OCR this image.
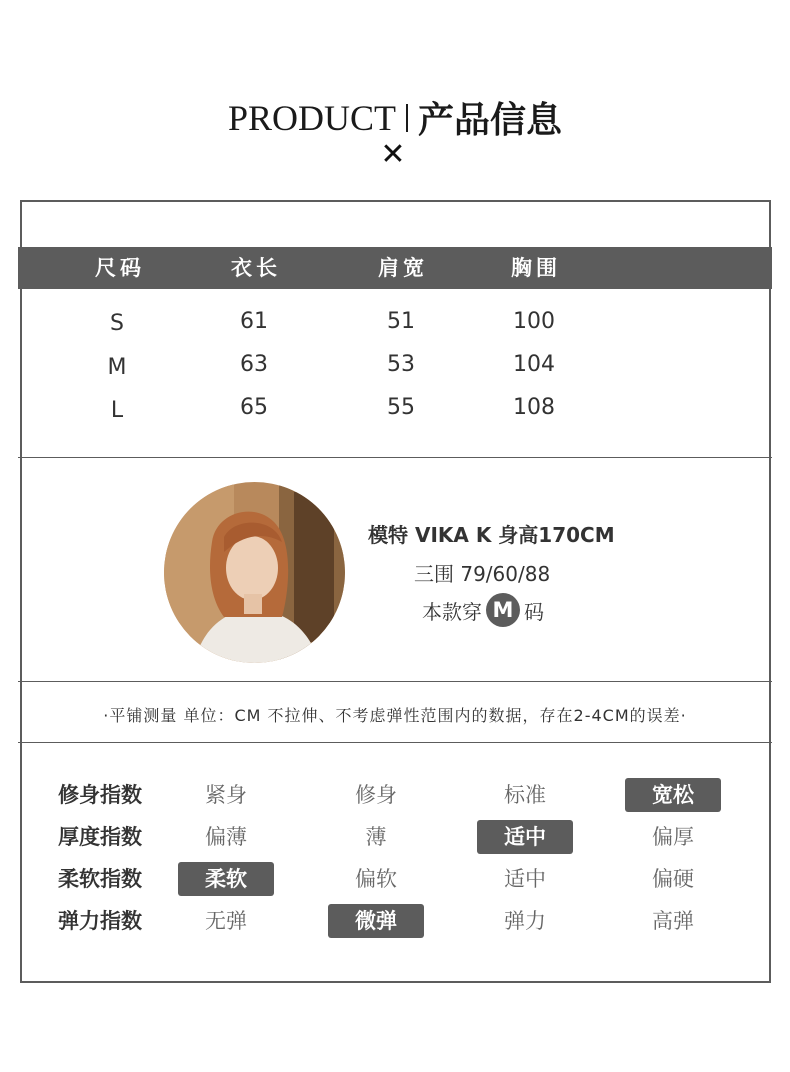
PRODUCT 产品信息
✕
尺码	衣长	肩宽	胸围
S	61	51	100
M	63	53	104
L	65	55	108
模特 VIKA K 身高170CM
三围 79/60/88
本款穿 M 码
·平铺测量 单位：CM 不拉伸、不考虑弹性范围内的数据，存在2-4CM的误差·
修身指数	紧身	修身	标准	宽松
厚度指数	偏薄	薄	适中	偏厚
柔软指数	柔软	偏软	适中	偏硬
弹力指数	无弹	微弹	弹力	高弹
